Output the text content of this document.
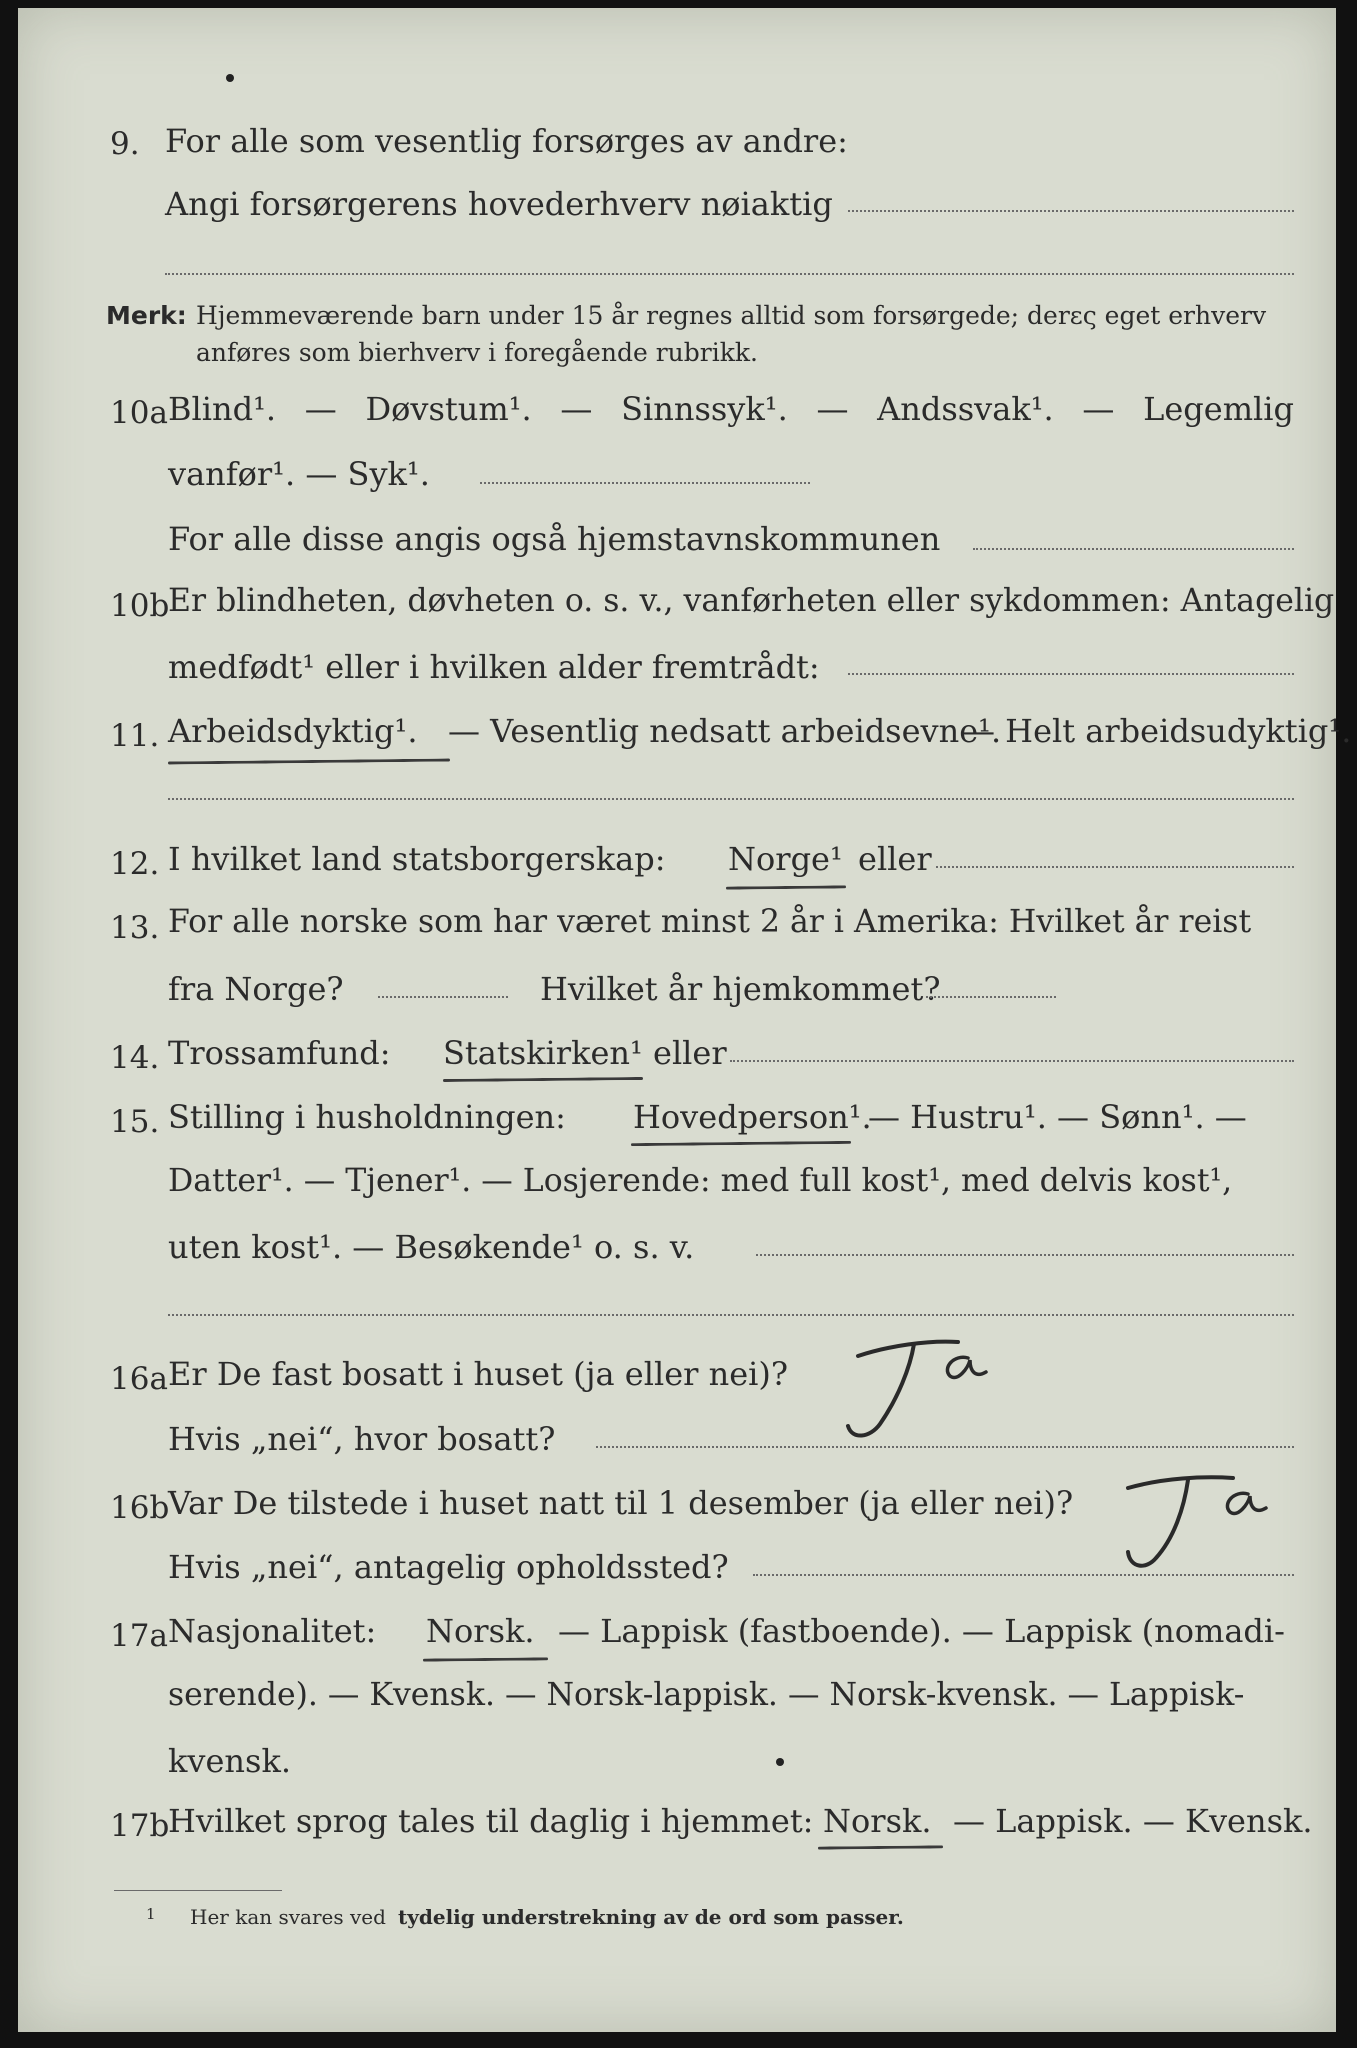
9. For alle som vesentlig forsørges av andre:
Angi forsørgerens hovederhverv nøiaktig
Merk: Hjemmeværende barn under 15 år regnes alltid som forsørgede; derες eget erhverv
anføres som bierhverv i foregående rubrikk.
10a Blind¹. — Døvstum¹. — Sinnssyk¹. — Andssvak¹. — Legemlig
vanfør¹. — Syk¹.
For alle disse angis også hjemstavnskommunen
10b
Er blindheten, døvheten o. s. v., vanførheten eller sykdommen: Antagelig
medfødt¹ eller i hvilken alder fremtrådt:
11. Arbeidsdyktig¹. — Vesentlig nedsatt arbeidsevne¹.
— Helt arbeidsudyktig¹.
12. I hvilket land statsborgerskap: Norge¹ eller
13. For alle norske som har været minst 2 år i Amerika: Hvilket år reist
fra Norge?	Hvilket år hjemkommet?
14. Trossamfund: Statskirken¹ eller
15. Stilling i husholdningen: Hovedperson¹.
— Hustru¹. — Sønn¹. —
Datter¹. — Tjener¹. — Losjerende: med full kost¹, med delvis kost¹,
uten kost¹. — Besøkende¹ o. s. v.
16a Er De fast bosatt i huset (ja eller nei)?
Hvis „nei“, hvor bosatt?
16b
Var De tilstede i huset natt til 1 desember (ja eller nei)?
Hvis „nei“, antagelig opholdssted?
17a Nasjonalitet: Norsk. — Lappisk (fastboende). — Lappisk (nomadi-
serende). — Kvensk. — Norsk-lappisk. — Norsk-kvensk. — Lappisk-
kvensk.
17b
Hvilket sprog tales til daglig i hjemmet: Norsk. — Lappisk. — Kvensk.
1 Her kan svares ved tydelig understrekning av de ord som passer.
